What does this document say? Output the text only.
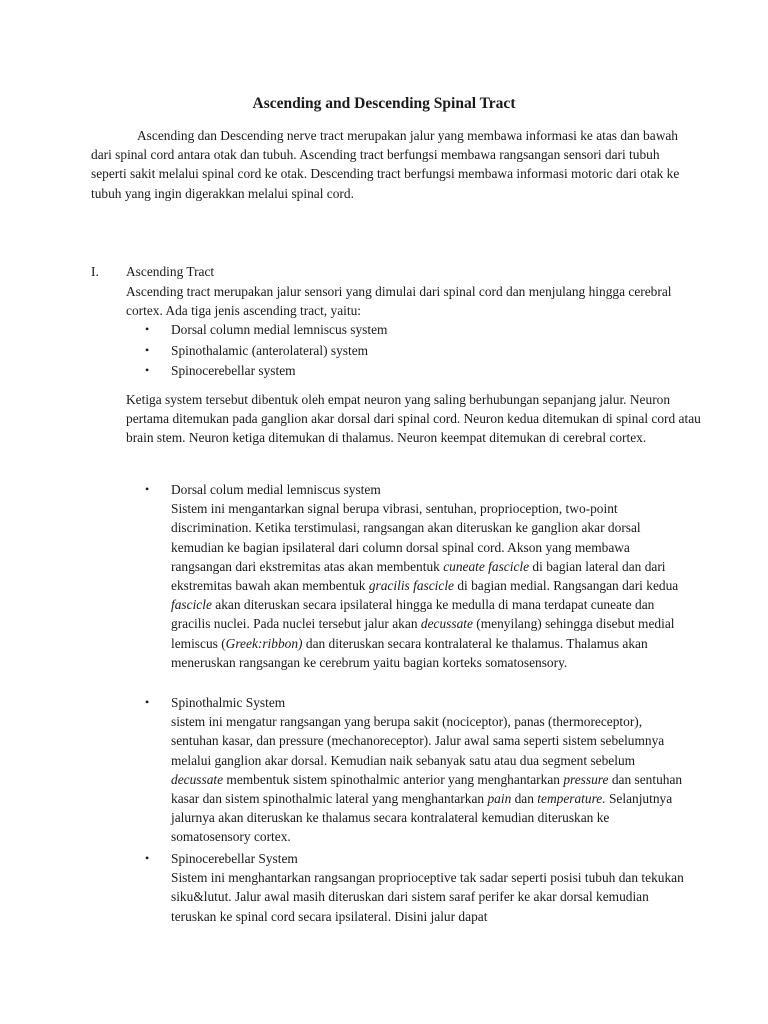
Ascending and Descending Spinal Tract

Ascending dan Descending nerve tract merupakan jalur yang membawa informasi ke atas dan bawah dari spinal cord antara otak dan tubuh. Ascending tract berfungsi membawa rangsangan sensori dari tubuh seperti sakit melalui spinal cord ke otak. Descending tract berfungsi membawa informasi motoric dari otak ke tubuh yang ingin digerakkan melalui spinal cord.

I. Ascending Tract

Ascending tract merupakan jalur sensori yang dimulai dari spinal cord dan menjulang hingga cerebral cortex. Ada tiga jenis ascending tract, yaitu:

• Dorsal column medial lemniscus system
• Spinothalamic (anterolateral) system
• Spinocerebellar system

Ketiga system tersebut dibentuk oleh empat neuron yang saling berhubungan sepanjang jalur. Neuron pertama ditemukan pada ganglion akar dorsal dari spinal cord. Neuron kedua ditemukan di spinal cord atau brain stem. Neuron ketiga ditemukan di thalamus. Neuron keempat ditemukan di cerebral cortex.

•	Dorsal colum medial lemniscus system

Sistem ini mengantarkan signal berupa vibrasi, sentuhan, proprioception, two-point discrimination. Ketika terstimulasi, rangsangan akan diteruskan ke ganglion akar dorsal kemudian ke bagian ipsilateral dari column dorsal spinal cord. Akson yang membawa rangsangan dari ekstremitas atas akan membentuk cuneate fascicle di bagian lateral dan dari ekstremitas bawah akan membentuk gracilis fascicle di bagian medial. Rangsangan dari kedua fascicle akan diteruskan secara ipsilateral hingga ke medulla di mana terdapat cuneate dan gracilis nuclei. Pada nuclei tersebut jalur akan decussate (menyilang) sehingga disebut medial lemiscus (Greek:ribbon) dan diteruskan secara kontralateral ke thalamus. Thalamus akan meneruskan rangsangan ke cerebrum yaitu bagian korteks somatosensory.

•	Spinothalmic System

sistem ini mengatur rangsangan yang berupa sakit (nociceptor), panas (thermoreceptor), sentuhan kasar, dan pressure (mechanoreceptor). Jalur awal sama seperti sistem sebelumnya melalui ganglion akar dorsal. Kemudian naik sebanyak satu atau dua segment sebelum decussate membentuk sistem spinothalmic anterior yang menghantarkan pressure dan sentuhan kasar dan sistem spinothalmic lateral yang menghantarkan pain dan temperature. Selanjutnya jalurnya akan diteruskan ke thalamus secara kontralateral kemudian diteruskan ke somatosensory cortex.

•	Spinocerebellar System

Sistem ini menghantarkan rangsangan proprioceptive tak sadar seperti posisi tubuh dan tekukan siku&lutut. Jalur awal masih diteruskan dari sistem saraf perifer ke akar dorsal kemudian teruskan ke spinal cord secara ipsilateral. Disini jalur dapat
